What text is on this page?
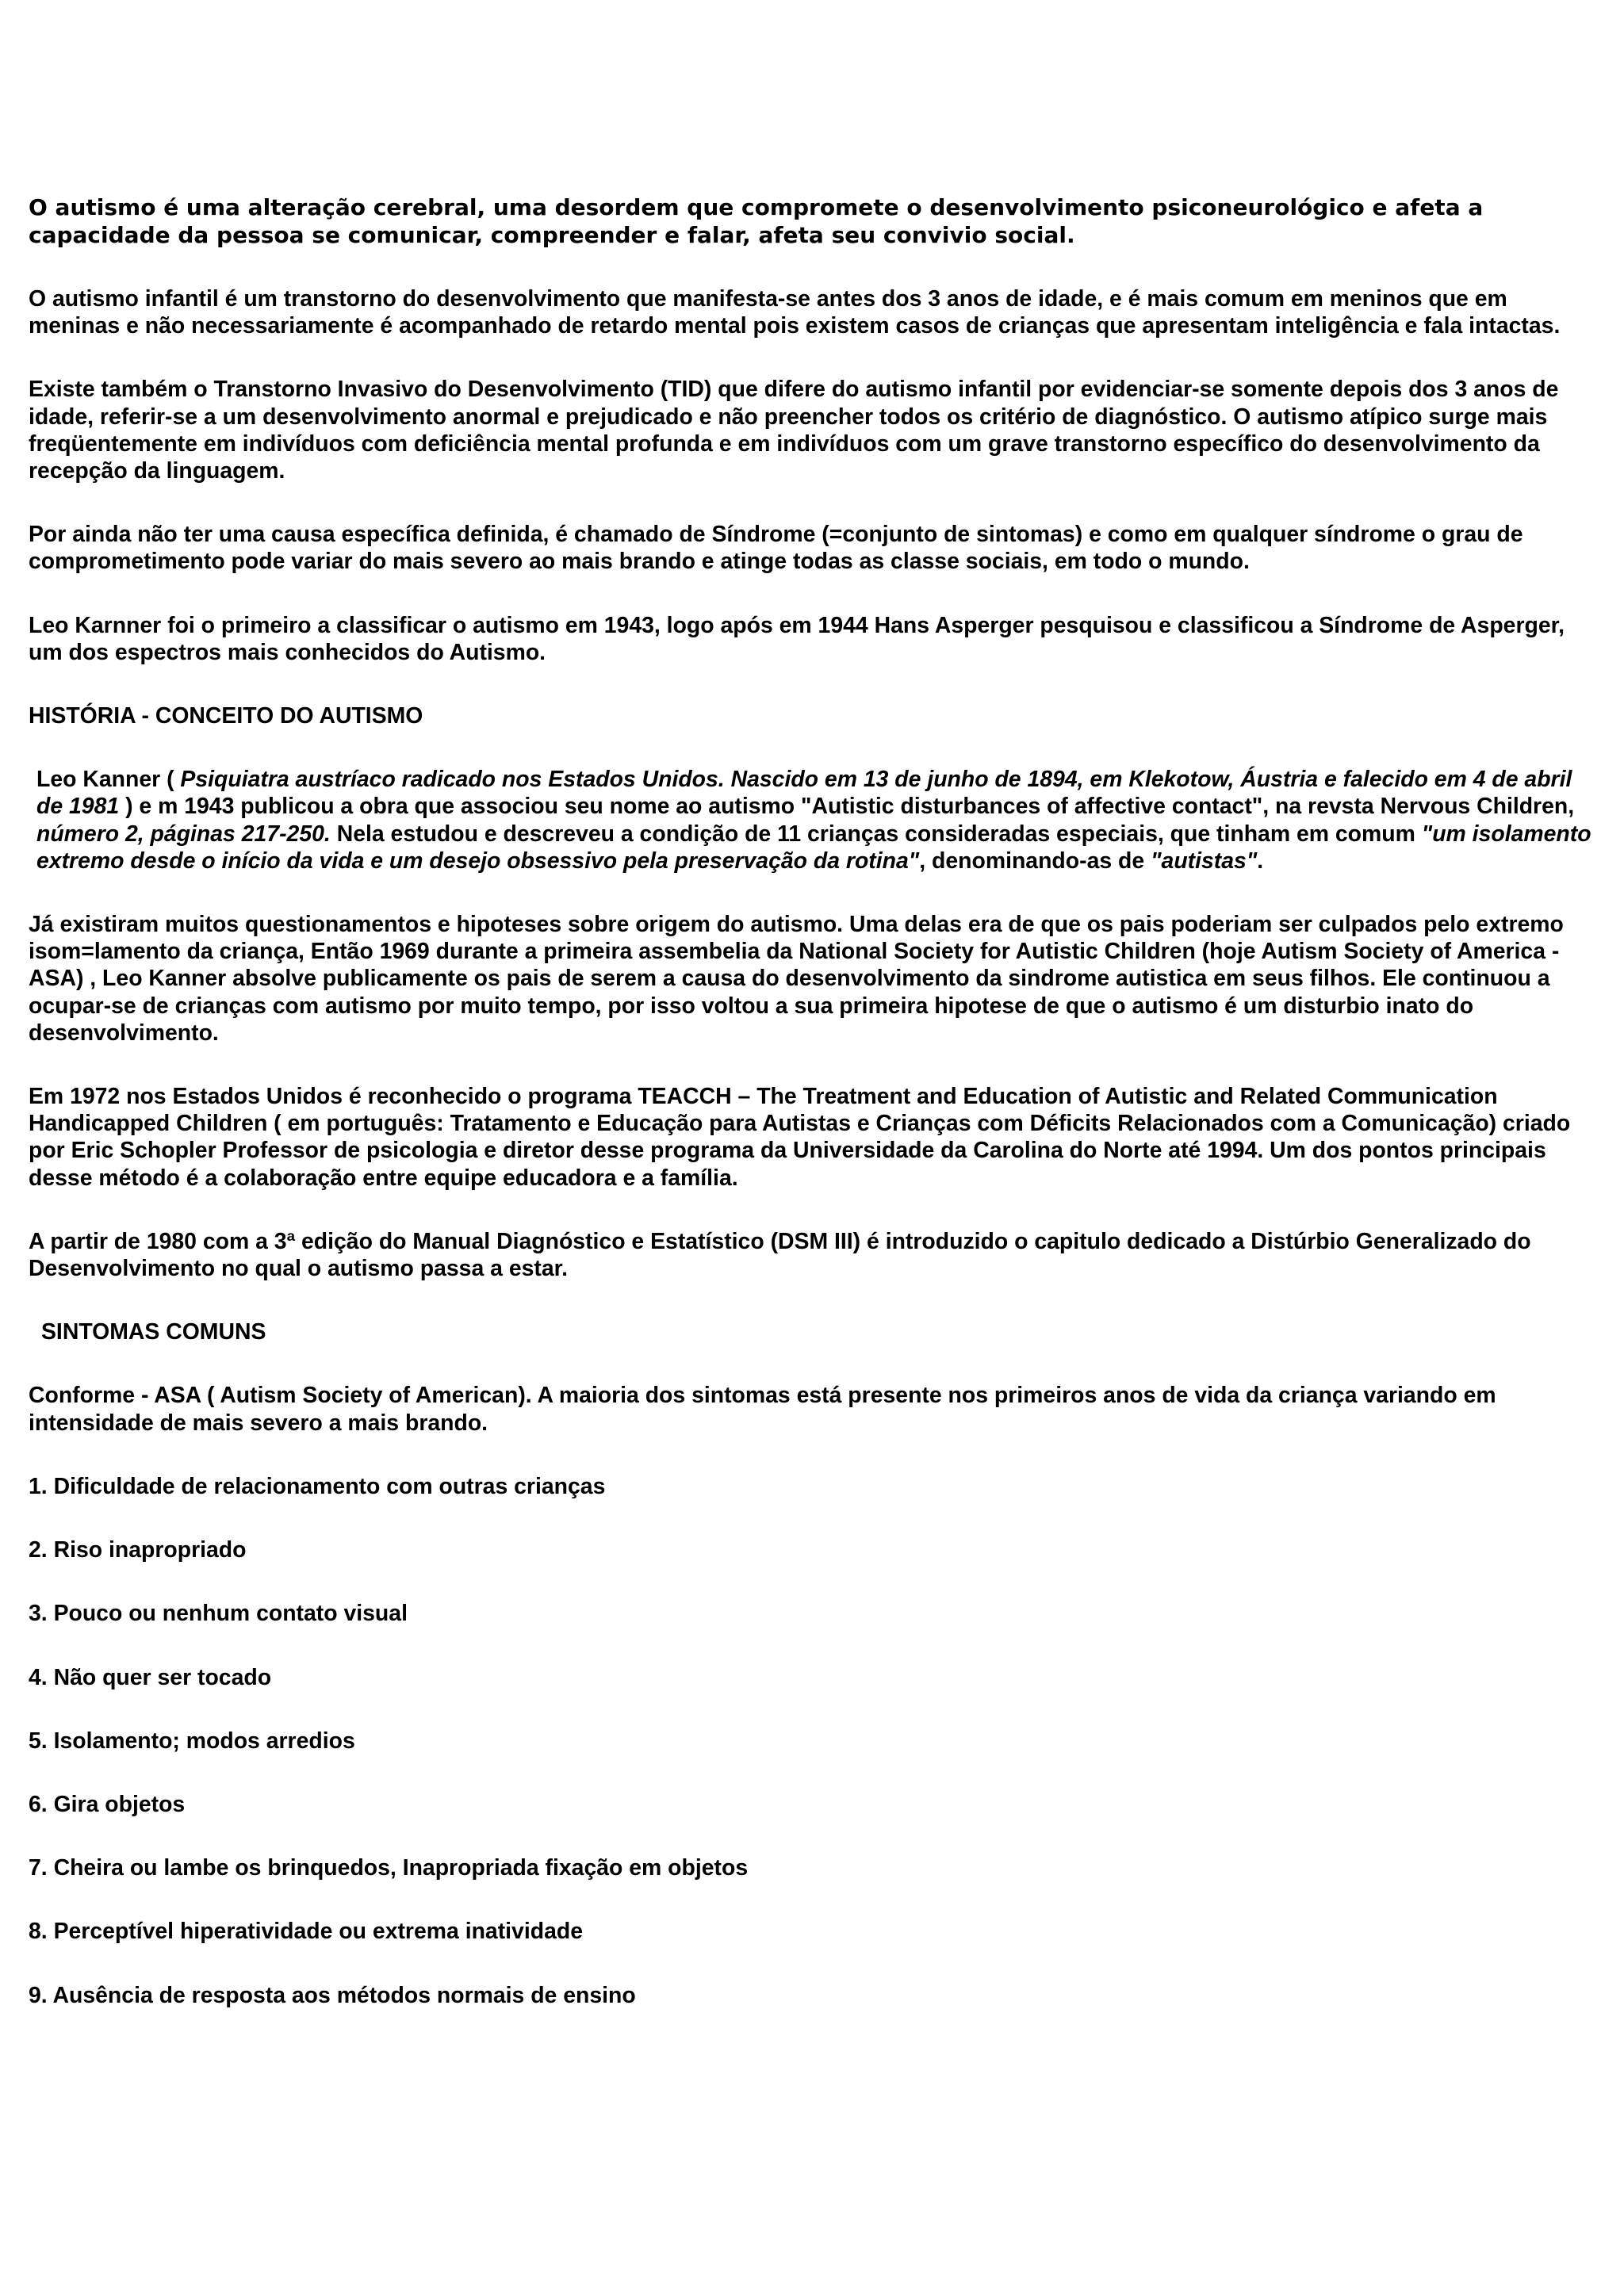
O autismo é uma alteração cerebral, uma desordem que compromete o desenvolvimento psiconeurológico e afeta a capacidade da pessoa se comunicar, compreender e falar, afeta seu convivio social.

O autismo infantil é um transtorno do desenvolvimento que manifesta-se antes dos 3 anos de idade, e é mais comum em meninos que em meninas e não necessariamente é acompanhado de retardo mental pois existem casos de crianças que apresentam inteligência e fala intactas.

Existe também o Transtorno Invasivo do Desenvolvimento (TID) que difere do autismo infantil por evidenciar-se somente depois dos 3 anos de idade, referir-se a um desenvolvimento anormal e prejudicado e não preencher todos os critério de diagnóstico. O autismo atípico surge mais freqüentemente em indivíduos com deficiência mental profunda e em indivíduos com um grave transtorno específico do desenvolvimento da recepção da linguagem.

Por ainda não ter uma causa específica definida, é chamado de Síndrome (=conjunto de sintomas) e como em qualquer síndrome o grau de comprometimento pode variar do mais severo ao mais brando e atinge todas as classe sociais, em todo o mundo.

Leo Karnner foi o primeiro a classificar o autismo em 1943, logo após em 1944 Hans Asperger pesquisou e classificou a Síndrome de Asperger, um dos espectros mais conhecidos do Autismo.

HISTÓRIA - CONCEITO DO AUTISMO

Leo Kanner ( Psiquiatra austríaco radicado nos Estados Unidos. Nascido em 13 de junho de 1894, em Klekotow, Áustria e falecido em 4 de abril de 1981 ) e m 1943 publicou a obra que associou seu nome ao autismo "Autistic disturbances of affective contact", na revsta Nervous Children, número 2, páginas 217-250. Nela estudou e descreveu a condição de 11 crianças consideradas especiais, que tinham em comum "um isolamento extremo desde o início da vida e um desejo obsessivo pela preservação da rotina", denominando-as de "autistas".

Já existiram muitos questionamentos e hipoteses sobre origem do autismo. Uma delas era de que os pais poderiam ser culpados pelo extremo isom=lamento da criança, Então 1969 durante a primeira assembelia da National Society for Autistic Children (hoje Autism Society of America - ASA) , Leo Kanner absolve publicamente os pais de serem a causa do desenvolvimento da sindrome autistica em seus filhos. Ele continuou a ocupar-se de crianças com autismo por muito tempo, por isso voltou a sua primeira hipotese de que o autismo é um disturbio inato do desenvolvimento.

Em 1972 nos Estados Unidos é reconhecido o programa TEACCH – The Treatment and Education of Autistic and Related Communication Handicapped Children ( em português: Tratamento e Educação para Autistas e Crianças com Déficits Relacionados com a Comunicação) criado por Eric Schopler Professor de psicologia e diretor desse programa da Universidade da Carolina do Norte até 1994. Um dos pontos principais desse método é a colaboração entre equipe educadora e a família.

A partir de 1980 com a 3ª edição do Manual Diagnóstico e Estatístico (DSM III) é introduzido o capitulo dedicado a Distúrbio Generalizado do Desenvolvimento no qual o autismo passa a estar.

SINTOMAS COMUNS

Conforme - ASA ( Autism Society of American). A maioria dos sintomas está presente nos primeiros anos de vida da criança variando em intensidade de mais severo a mais brando.

1. Dificuldade de relacionamento com outras crianças

2. Riso inapropriado

3. Pouco ou nenhum contato visual

4. Não quer ser tocado

5. Isolamento; modos arredios

6. Gira objetos

7. Cheira ou lambe os brinquedos, Inapropriada fixação em objetos

8. Perceptível hiperatividade ou extrema inatividade

9. Ausência de resposta aos métodos normais de ensino
